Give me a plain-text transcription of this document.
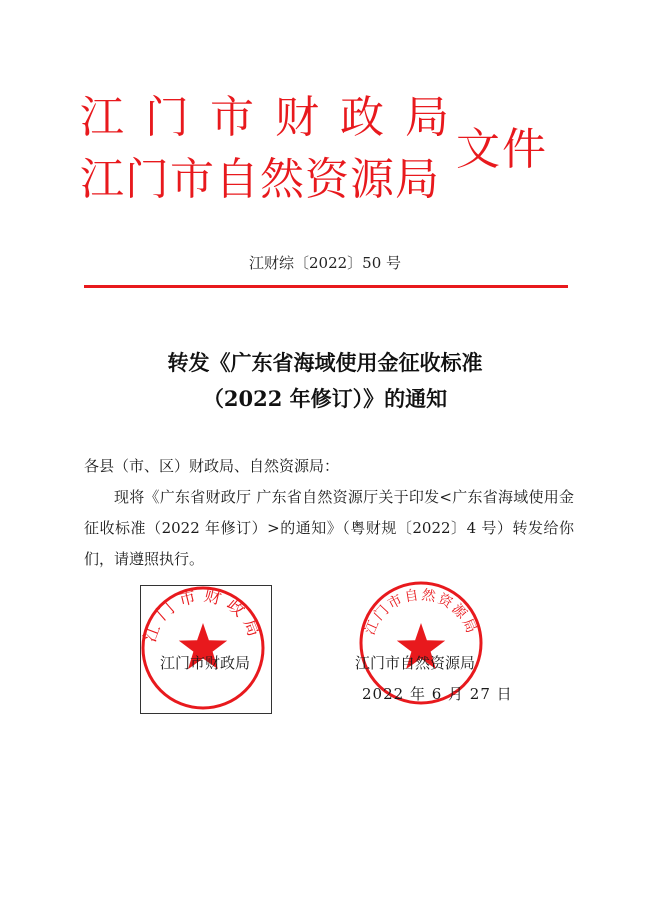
江门市财政局
江门市自然资源局
文件
江财综〔2022〕50 号
转发《广东省海域使用金征收标准
（2022 年修订）》的通知
各县（市、区）财政局、自然资源局：
现将《广东省财政厅 广东省自然资源厅关于印发<广东省海域使用金征收标准（2022 年修订）>的通知》（粤财规〔2022〕4 号）转发给你们，请遵照执行。
江门市财政局	江门市自然资源局
江门市财政局	江门市自然资源局
2022 年 6 月 27 日
